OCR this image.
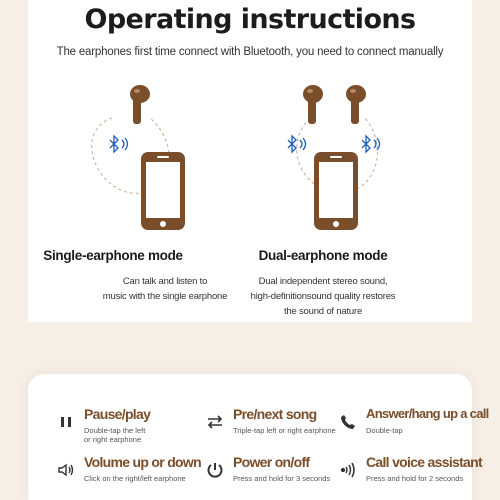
Operating instructions
The earphones first time connect with Bluetooth, you need to connect manually
Single-earphone mode
Can talk and listen to
music with the single earphone
Dual-earphone mode
Dual independent stereo sound,
high-definitionsound quality restores
the sound of nature
Pause/play
Double-tap the left
or right earphone
Pre/next song
Triple-tap left or right earphone
Answer/hang up a call
Double-tap
Volume up or down
Click on the right/left earphone
Power on/off
Press and hold for 3 seconds
Call voice assistant
Press and hold for 2 seconds
